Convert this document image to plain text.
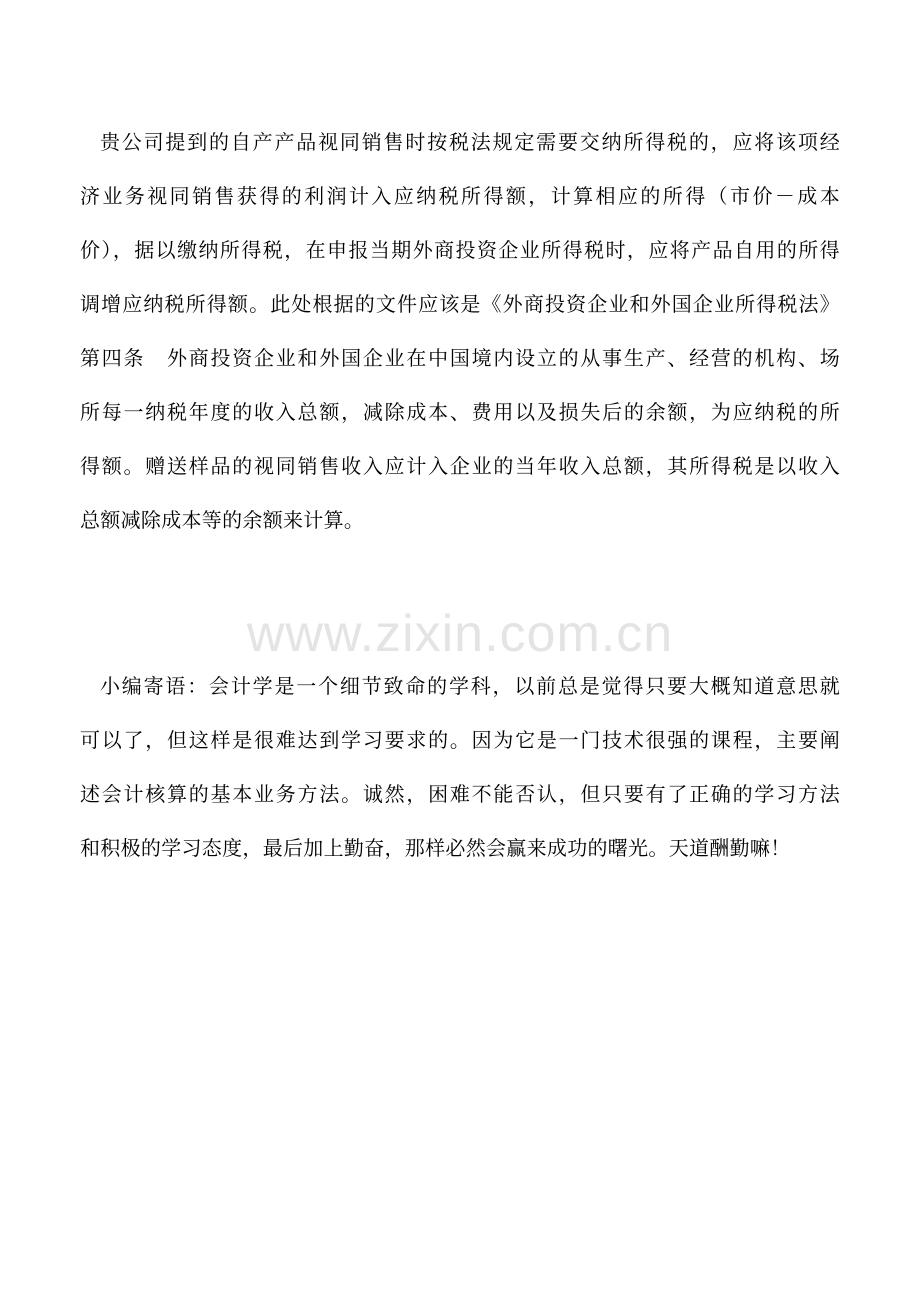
贵公司提到的自产产品视同销售时按税法规定需要交纳所得税的，应将该项经
济业务视同销售获得的利润计入应纳税所得额，计算相应的所得（市价－成本
价），据以缴纳所得税，在申报当期外商投资企业所得税时，应将产品自用的所得
调增应纳税所得额。此处根据的文件应该是《外商投资企业和外国企业所得税法》
第四条　外商投资企业和外国企业在中国境内设立的从事生产、经营的机构、场
所每一纳税年度的收入总额，减除成本、费用以及损失后的余额，为应纳税的所
得额。赠送样品的视同销售收入应计入企业的当年收入总额，其所得税是以收入
总额减除成本等的余额来计算。
www.zixin.com.cn
小编寄语：会计学是一个细节致命的学科，以前总是觉得只要大概知道意思就
可以了，但这样是很难达到学习要求的。因为它是一门技术很强的课程，主要阐
述会计核算的基本业务方法。诚然，困难不能否认，但只要有了正确的学习方法
和积极的学习态度，最后加上勤奋，那样必然会赢来成功的曙光。天道酬勤嘛！
